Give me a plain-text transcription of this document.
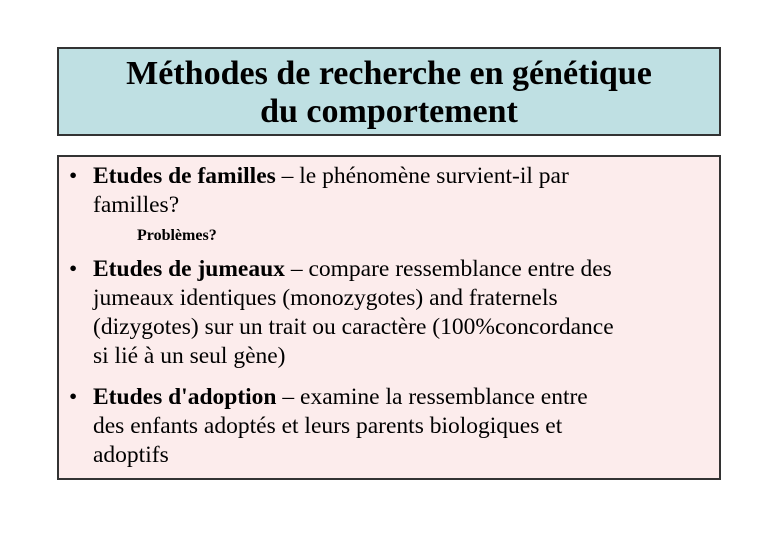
Méthodes de recherche en génétique
du comportement
• Etudes de familles – le phénomène survient-il par
familles?
Problèmes?
• Etudes de jumeaux – compare ressemblance entre des
jumeaux identiques (monozygotes) and fraternels
(dizygotes) sur un trait ou caractère (100%concordance
si lié à un seul gène)
• Etudes d'adoption – examine la ressemblance entre
des enfants adoptés et leurs parents biologiques et
adoptifs
